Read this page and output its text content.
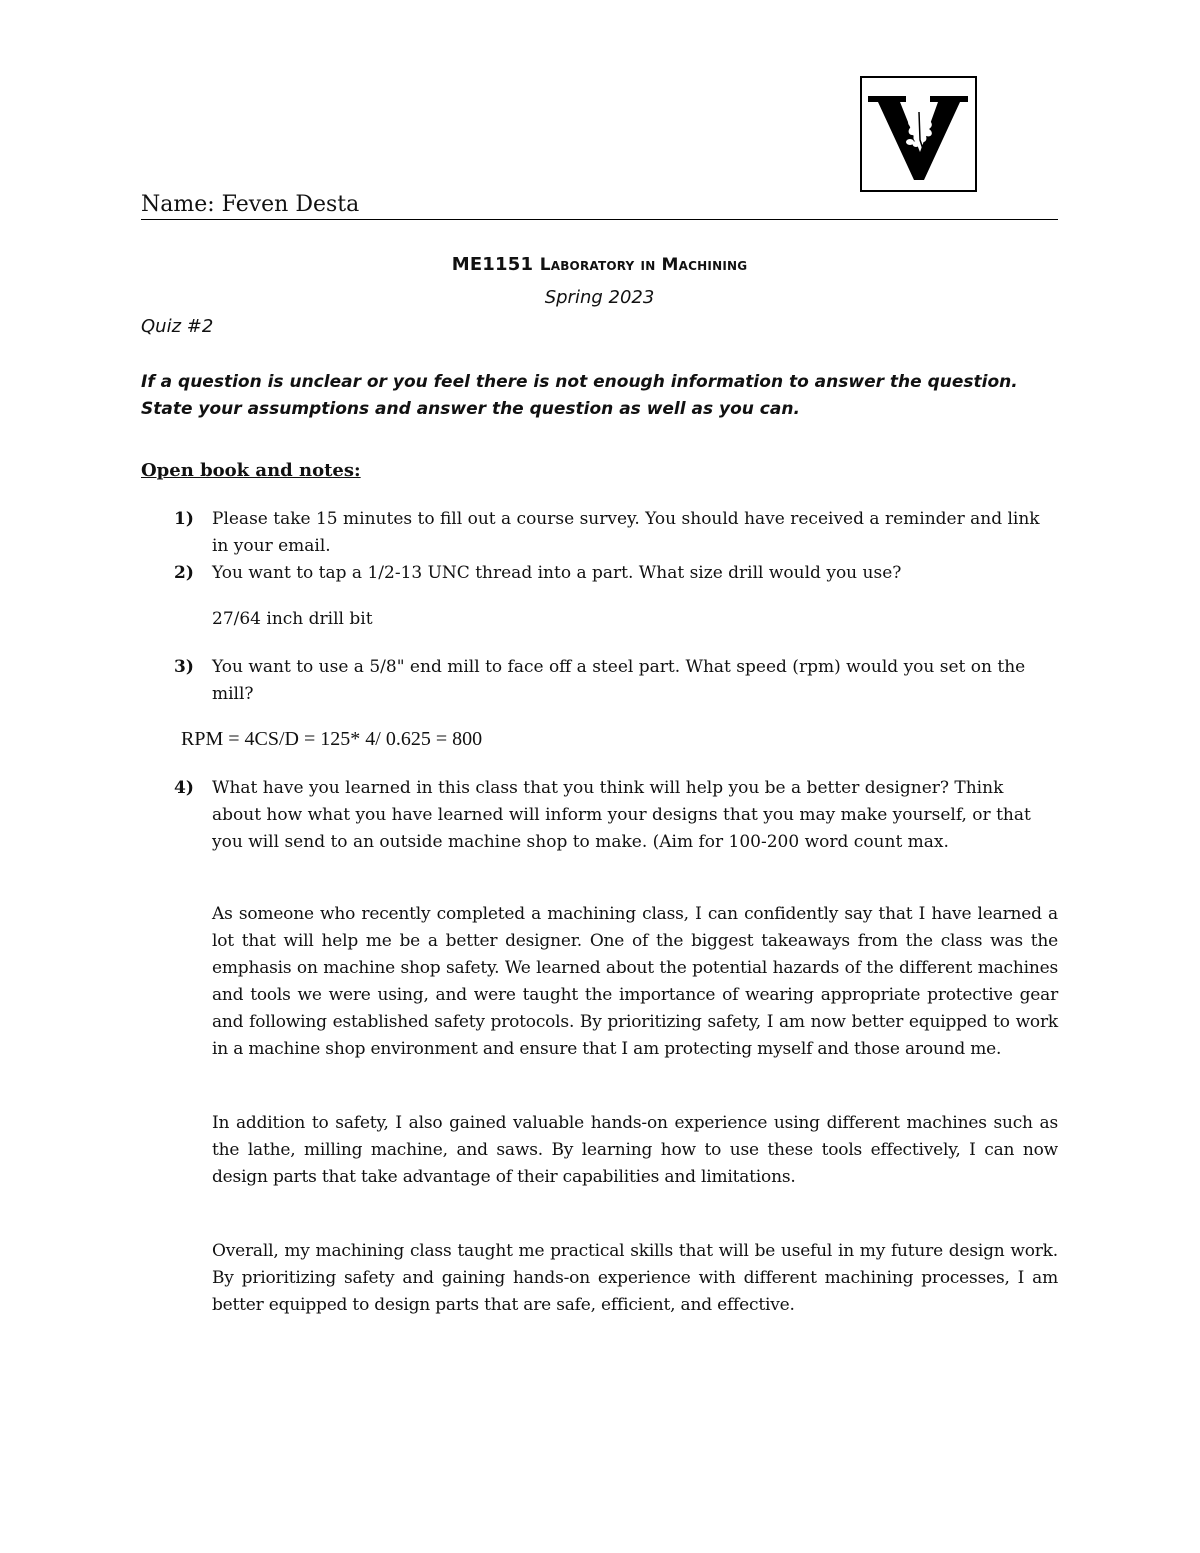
Name: Feven Desta
ME1151 Laboratory in Machining
Spring 2023
Quiz #2
If a question is unclear or you feel there is not enough information to answer the question.
State your assumptions and answer the question as well as you can.
Open book and notes:
1) Please take 15 minutes to fill out a course survey. You should have received a reminder and link in your email.
2) You want to tap a 1/2-13 UNC thread into a part. What size drill would you use?
27/64 inch drill bit
3) You want to use a 5/8" end mill to face off a steel part. What speed (rpm) would you set on the mill?
RPM = 4CS/D = 125* 4/ 0.625 = 800
4) What have you learned in this class that you think will help you be a better designer? Think about how what you have learned will inform your designs that you may make yourself, or that you will send to an outside machine shop to make. (Aim for 100-200 word count max.
As someone who recently completed a machining class, I can confidently say that I have learned a lot that will help me be a better designer. One of the biggest takeaways from the class was the emphasis on machine shop safety. We learned about the potential hazards of the different machines and tools we were using, and were taught the importance of wearing appropriate protective gear and following established safety protocols. By prioritizing safety, I am now better equipped to work in a machine shop environment and ensure that I am protecting myself and those around me.
In addition to safety, I also gained valuable hands-on experience using different machines such as the lathe, milling machine, and saws. By learning how to use these tools effectively, I can now design parts that take advantage of their capabilities and limitations.
Overall, my machining class taught me practical skills that will be useful in my future design work. By prioritizing safety and gaining hands-on experience with different machining processes, I am better equipped to design parts that are safe, efficient, and effective.
